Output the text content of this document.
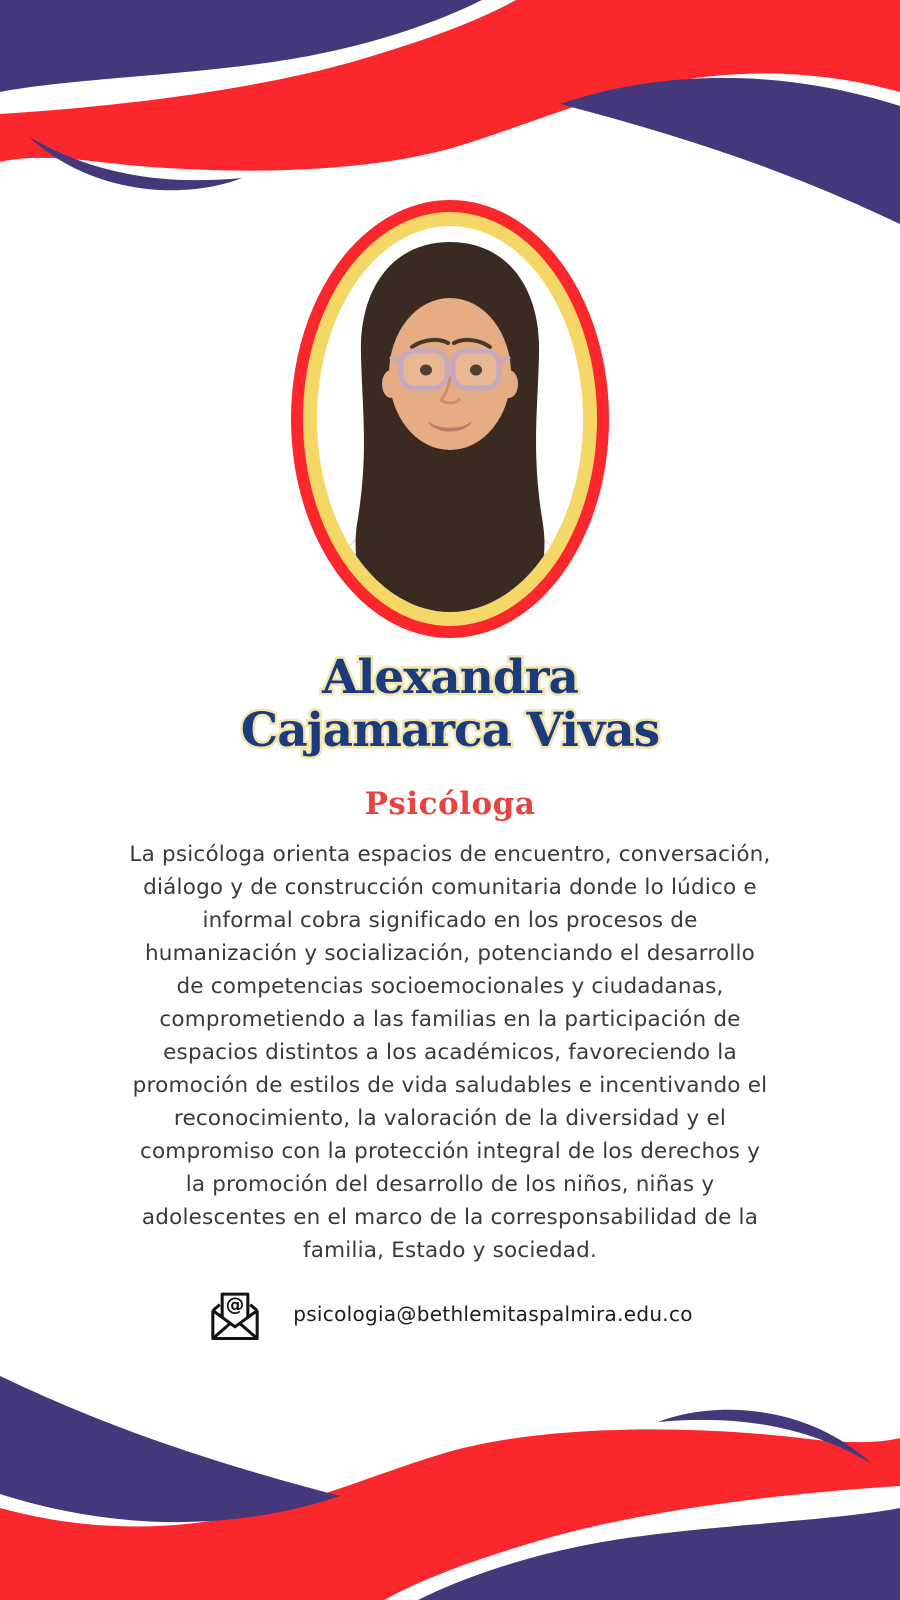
Alexandra
Cajamarca Vivas
Psicóloga

La psicóloga orienta espacios de encuentro, conversación, diálogo y de construcción comunitaria donde lo lúdico e informal cobra significado en los procesos de humanización y socialización, potenciando el desarrollo de competencias socioemocionales y ciudadanas, comprometiendo a las familias en la participación de espacios distintos a los académicos, favoreciendo la promoción de estilos de vida saludables e incentivando el reconocimiento, la valoración de la diversidad y el compromiso con la protección integral de los derechos y la promoción del desarrollo de los niños, niñas y adolescentes en el marco de la corresponsabilidad de la familia, Estado y sociedad.

@ psicologia@bethlemitaspalmira.edu.co
